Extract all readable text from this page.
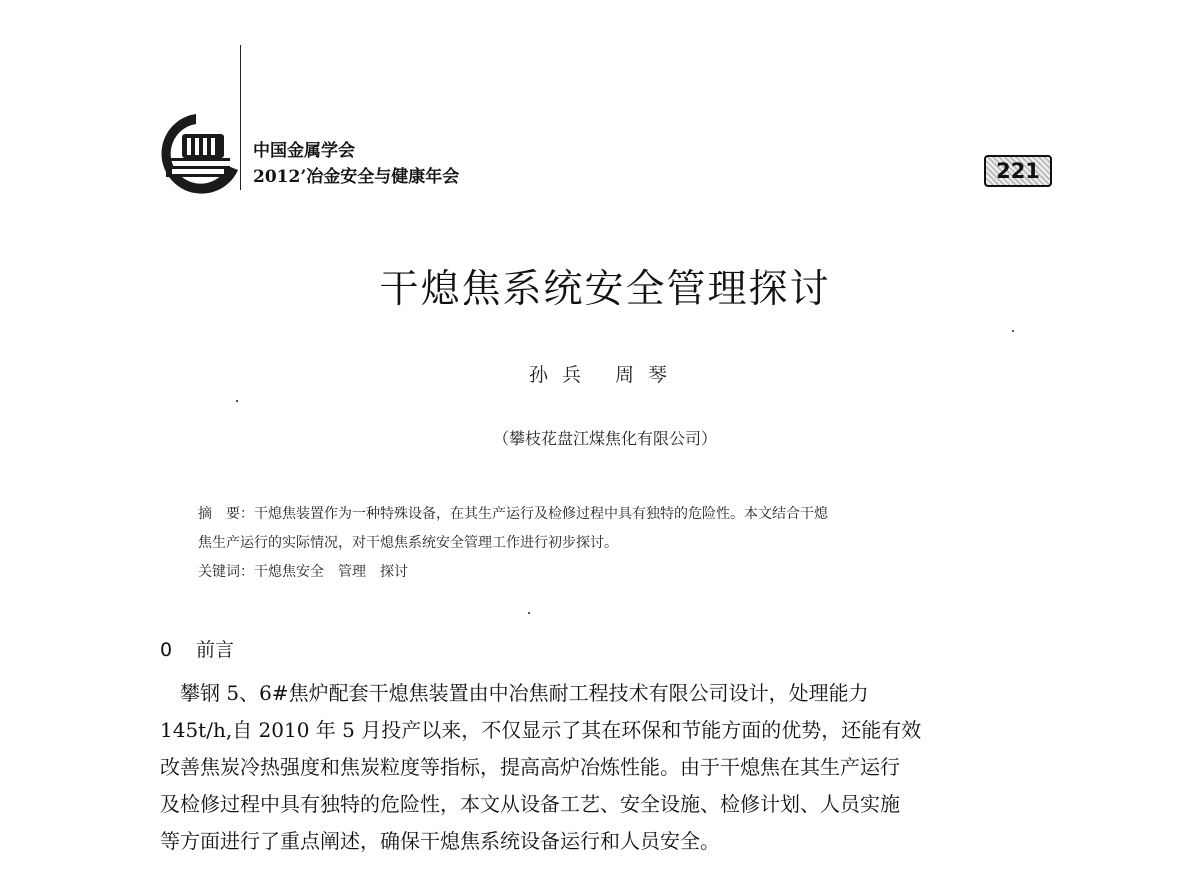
中国金属学会
2012’冶金安全与健康年会	221
干熄焦系统安全管理探讨
孙兵 周琴
（攀枝花盘江煤焦化有限公司）
摘　要：干熄焦装置作为一种特殊设备，在其生产运行及检修过程中具有独特的危险性。本文结合干熄
焦生产运行的实际情况，对干熄焦系统安全管理工作进行初步探讨。
关键词：干熄焦安全 管理 探讨
0 前言
攀钢 5、6#焦炉配套干熄焦装置由中冶焦耐工程技术有限公司设计，处理能力
145t/h,自 2010 年 5 月投产以来，不仅显示了其在环保和节能方面的优势，还能有效
改善焦炭冷热强度和焦炭粒度等指标，提高高炉冶炼性能。由于干熄焦在其生产运行
及检修过程中具有独特的危险性，本文从设备工艺、安全设施、检修计划、人员实施
等方面进行了重点阐述，确保干熄焦系统设备运行和人员安全。
